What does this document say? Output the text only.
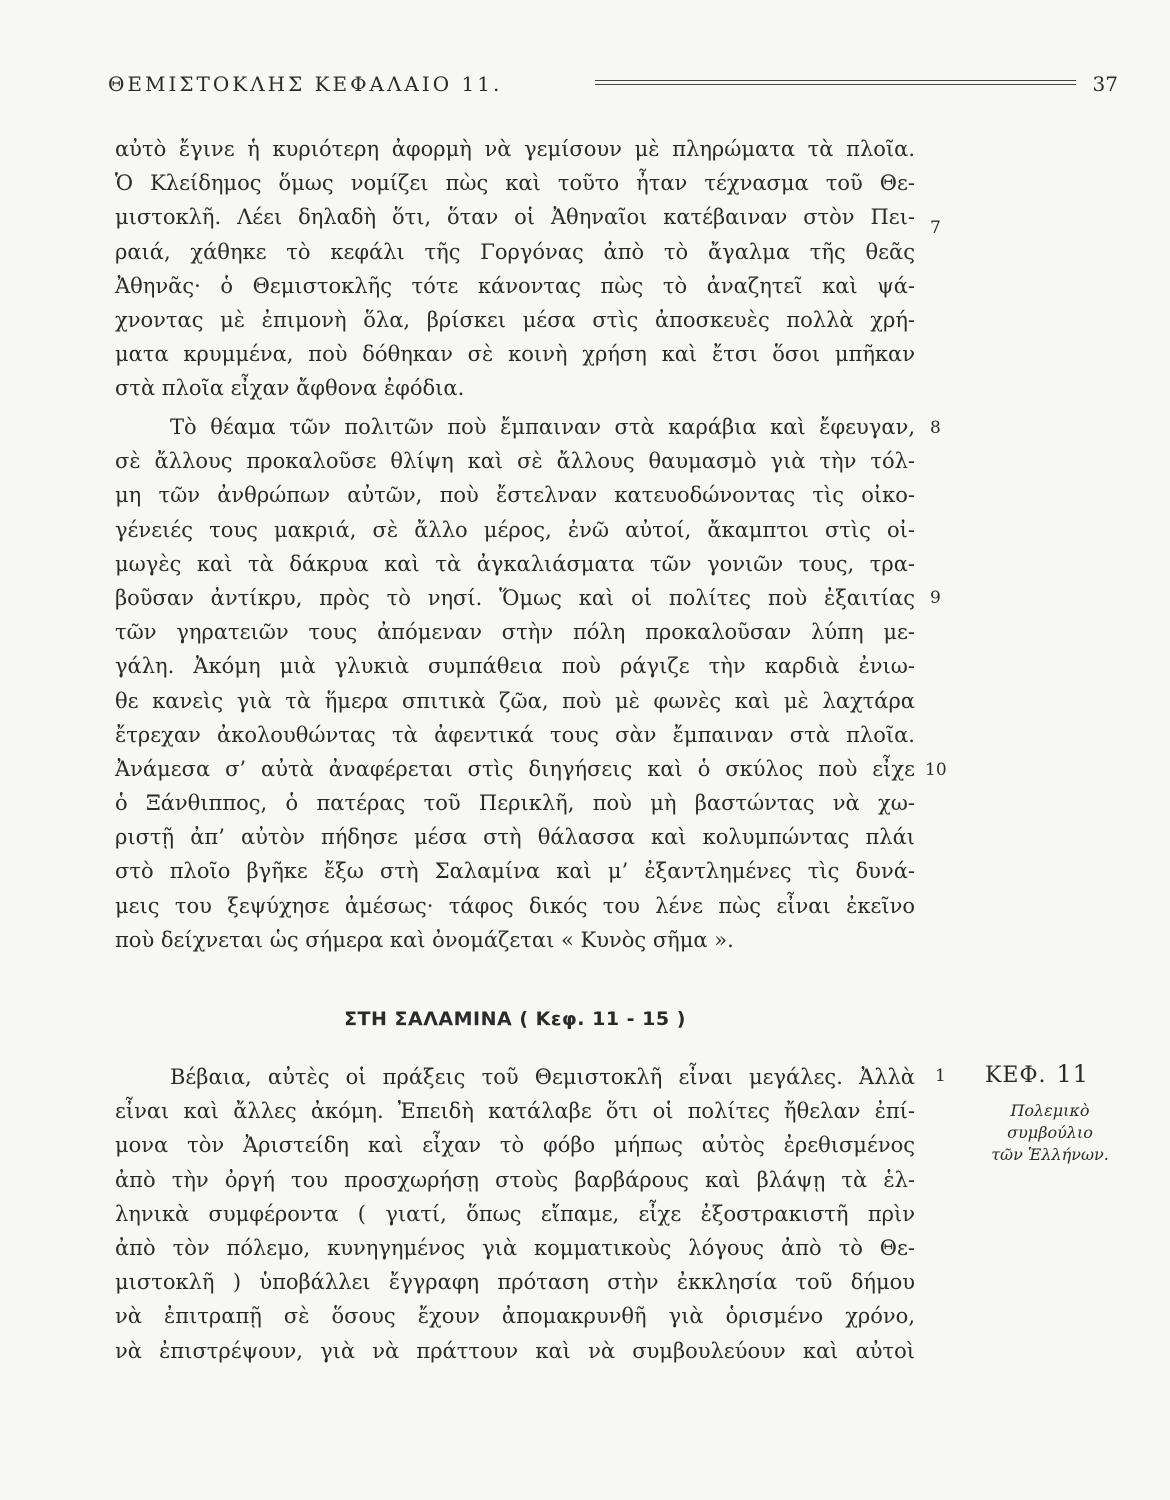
ΘΕΜΙΣΤΟΚΛΗΣ ΚΕΦΑΛΑΙΟ 11.	37
αὐτὸ ἔγινε ἡ κυριότερη ἀφορμὴ νὰ γεμίσουν μὲ πληρώματα τὰ πλοῖα.
Ὁ Κλείδημος ὅμως νομίζει πὼς καὶ τοῦτο ἦταν τέχνασμα τοῦ Θε-
μιστοκλῆ. Λέει δηλαδὴ ὅτι, ὅταν οἱ Ἀθηναῖοι κατέβαιναν στὸν Πει-
ραιά, χάθηκε τὸ κεφάλι τῆς Γοργόνας ἀπὸ τὸ ἄγαλμα τῆς θεᾶς
Ἀθηνᾶς· ὁ Θεμιστοκλῆς τότε κάνοντας πὼς τὸ ἀναζητεῖ καὶ ψά-
χνοντας μὲ ἐπιμονὴ ὅλα, βρίσκει μέσα στὶς ἀποσκευὲς πολλὰ χρή-
ματα κρυμμένα, ποὺ δόθηκαν σὲ κοινὴ χρήση καὶ ἔτσι ὅσοι μπῆκαν
στὰ πλοῖα εἶχαν ἄφθονα ἐφόδια.
Τὸ θέαμα τῶν πολιτῶν ποὺ ἔμπαιναν στὰ καράβια καὶ ἔφευγαν,
σὲ ἄλλους προκαλοῦσε θλίψη καὶ σὲ ἄλλους θαυμασμὸ γιὰ τὴν τόλ-
μη τῶν ἀνθρώπων αὐτῶν, ποὺ ἔστελναν κατευοδώνοντας τὶς οἰκο-
γένειές τους μακριά, σὲ ἄλλο μέρος, ἐνῶ αὐτοί, ἄκαμπτοι στὶς οἰ-
μωγὲς καὶ τὰ δάκρυα καὶ τὰ ἀγκαλιάσματα τῶν γονιῶν τους, τρα-
βοῦσαν ἀντίκρυ, πρὸς τὸ νησί. Ὅμως καὶ οἱ πολίτες ποὺ ἐξαιτίας
τῶν γηρατειῶν τους ἀπόμεναν στὴν πόλη προκαλοῦσαν λύπη με-
γάλη. Ἀκόμη μιὰ γλυκιὰ συμπάθεια ποὺ ράγιζε τὴν καρδιὰ ἐνιω-
θε κανεὶς γιὰ τὰ ἥμερα σπιτικὰ ζῶα, ποὺ μὲ φωνὲς καὶ μὲ λαχτάρα
ἔτρεχαν ἀκολουθώντας τὰ ἀφεντικά τους σὰν ἔμπαιναν στὰ πλοῖα.
Ἀνάμεσα σ’ αὐτὰ ἀναφέρεται στὶς διηγήσεις καὶ ὁ σκύλος ποὺ εἶχε
ὁ Ξάνθιππος, ὁ πατέρας τοῦ Περικλῆ, ποὺ μὴ βαστώντας νὰ χω-
ριστῇ ἀπ’ αὐτὸν πήδησε μέσα στὴ θάλασσα καὶ κολυμπώντας πλάι
στὸ πλοῖο βγῆκε ἔξω στὴ Σαλαμίνα καὶ μ’ ἐξαντλημένες τὶς δυνά-
μεις του ξεψύχησε ἀμέσως· τάφος δικός του λένε πὼς εἶναι ἐκεῖνο
ποὺ δείχνεται ὡς σήμερα καὶ ὀνομάζεται « Κυνὸς σῆμα ».
ΣΤΗ ΣΑΛΑΜΙΝΑ ( Κεφ. 11 - 15 )
Βέβαια, αὐτὲς οἱ πράξεις τοῦ Θεμιστοκλῆ εἶναι μεγάλες. Ἀλλὰ
εἶναι καὶ ἄλλες ἀκόμη. Ἐπειδὴ κατάλαβε ὅτι οἱ πολίτες ἤθελαν ἐπί-
μονα τὸν Ἀριστείδη καὶ εἶχαν τὸ φόβο μήπως αὐτὸς ἐρεθισμένος
ἀπὸ τὴν ὀργή του προσχωρήσῃ στοὺς βαρβάρους καὶ βλάψῃ τὰ ἑλ-
ληνικὰ συμφέροντα ( γιατί, ὅπως εἴπαμε, εἶχε ἐξοστρακιστῆ πρὶν
ἀπὸ τὸν πόλεμο, κυνηγημένος γιὰ κομματικοὺς λόγους ἀπὸ τὸ Θε-
μιστοκλῆ ) ὑποβάλλει ἔγγραφη πρόταση στὴν ἐκκλησία τοῦ δήμου
νὰ ἐπιτραπῇ σὲ ὅσους ἔχουν ἀπομακρυνθῆ γιὰ ὁρισμένο χρόνο,
νὰ ἐπιστρέψουν, γιὰ νὰ πράττουν καὶ νὰ συμβουλεύουν καὶ αὐτοὶ
7
8
9
10
1	ΚΕΦ. 11
Πολεμικὸ
συμβούλιο
τῶν Ἑλλήνων.
